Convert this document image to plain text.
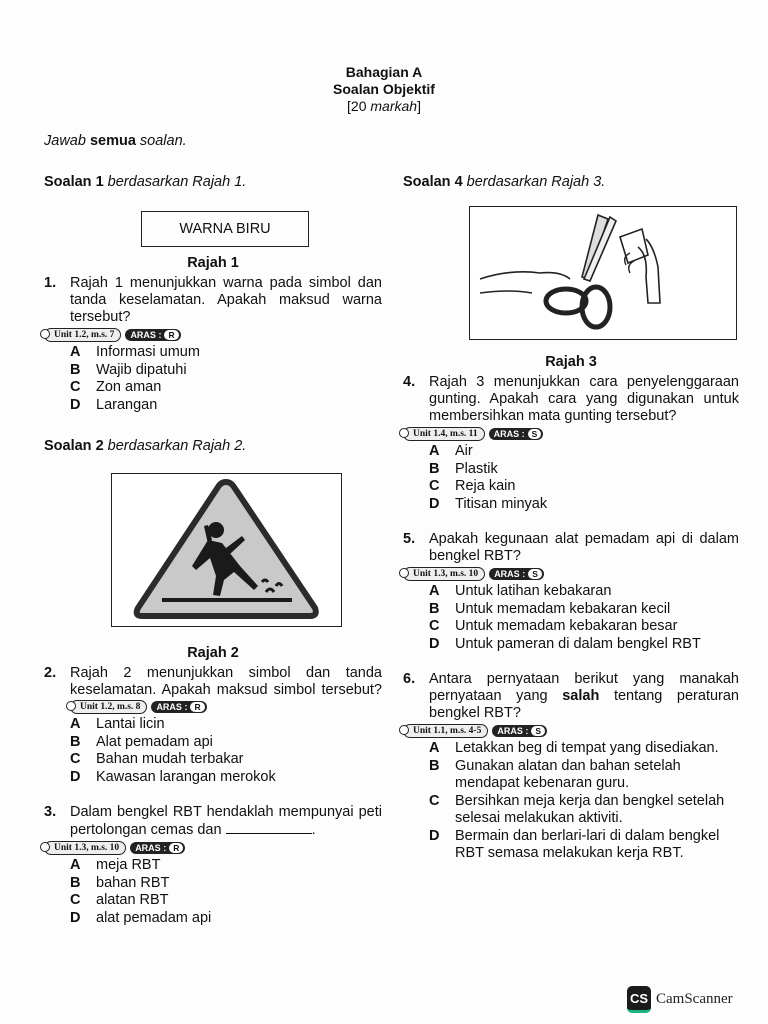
Bahagian A
Soalan Objektif
[20 markah]
Jawab semua soalan.

Soalan 1 berdasarkan Rajah 1.

WARNA BIRU
Rajah 1
1. Rajah 1 menunjukkan warna pada simbol dan tanda keselamatan. Apakah maksud warna tersebut?
Unit 1.2, m.s. 7	ARAS : R
A	Informasi umum
B	Wajib dipatuhi
C	Zon aman
D	Larangan

Soalan 2 berdasarkan Rajah 2.

Rajah 2
2. Rajah 2 menunjukkan simbol dan tanda keselamatan. Apakah maksud simbol tersebut?
Unit 1.2, m.s. 8	ARAS : R
A	Lantai licin
B	Alat pemadam api
C	Bahan mudah terbakar
D	Kawasan larangan merokok
3. Dalam bengkel RBT hendaklah mempunyai peti pertolongan cemas dan	.
Unit 1.3, m.s. 10	ARAS : R
A	meja RBT
B	bahan RBT
C	alatan RBT
D	alat pemadam api

Soalan 4 berdasarkan Rajah 3.

Rajah 3
4. Rajah 3 menunjukkan cara penyelenggaraan gunting. Apakah cara yang digunakan untuk membersihkan mata gunting tersebut?
Unit 1.4, m.s. 11	ARAS : S
A	Air
B	Plastik
C	Reja kain
D	Titisan minyak
5. Apakah kegunaan alat pemadam api di dalam bengkel RBT?
Unit 1.3, m.s. 10	ARAS : S
A	Untuk latihan kebakaran
B	Untuk memadam kebakaran kecil
C	Untuk memadam kebakaran besar
D	Untuk pameran di dalam bengkel RBT
6. Antara pernyataan berikut yang manakah pernyataan yang salah tentang peraturan bengkel RBT?
Unit 1.1, m.s. 4-5	ARAS : S
A	Letakkan beg di tempat yang disediakan.
B	Gunakan alatan dan bahan setelah mendapat kebenaran guru.
C	Bersihkan meja kerja dan bengkel setelah selesai melakukan aktiviti.
D	Bermain dan berlari-lari di dalam bengkel RBT semasa melakukan kerja RBT.
CS CamScanner
